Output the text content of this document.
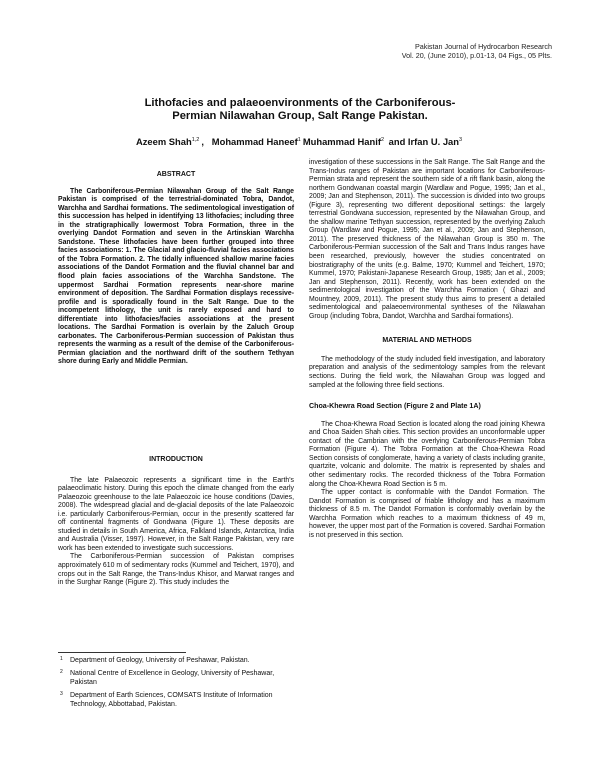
Pakistan Journal of Hydrocarbon Research
Vol. 20, (June 2010), p.01-13, 04 Figs., 05 Plts.
Lithofacies and palaeoenvironments of the Carboniferous-
Permian Nilawahan Group, Salt Range Pakistan.
Azeem Shah$^{1,2}$ , Mohammad Haneef$^1$ Muhammad Hanif$^2$ and Irfan U. Jan$^3$
ABSTRACT

The Carboniferous-Permian Nilawahan Group of the Salt Range Pakistan is comprised of the terrestrial-dominated Tobra, Dandot, Warchha and Sardhai formations. The sedimentological investigation of this succession has helped in identifying 13 lithofacies; including three in the stratigraphically lowermost Tobra Formation, three in the overlying Dandot Formation and seven in the Artinskian Warchha Sandstone. These lithofacies have been further grouped into three facies associations: 1. The Glacial and glacio-fluvial facies associations of the Tobra Formation. 2. The tidally influenced shallow marine facies associations of the Dandot Formation and the fluvial channel bar and flood plain facies associations of the Warchha Sandstone. The uppermost Sardhai Formation represents near-shore marine environment of deposition. The Sardhai Formation displays recessive- profile and is sporadically found in the Salt Range. Due to the incompetent lithology, the unit is rarely exposed and hard to differentiate into lithofacies/facies associations at the present locations. The Sardhai Formation is overlain by the Zaluch Group carbonates. The Carboniferous-Permian succession of Pakistan thus represents the warming as a result of the demise of the Carboniferous-Permian glaciation and the northward drift of the southern Tethyan shore during Early and Middle Permian.

INTRODUCTION

The late Palaeozoic represents a significant time in the Earth's palaeoclimatic history. During this epoch the climate changed from the early Palaeozoic greenhouse to the late Palaeozoic ice house conditions (Davies, 2008). The widespread glacial and de-glacial deposits of the late Palaeozoic i.e. particularly Carboniferous-Permian, occur in the presently scattered far off continental fragments of Gondwana (Figure 1). These deposits are studied in details in South America, Africa, Falkland Islands, Antarctica, India and Australia (Visser, 1997). However, in the Salt Range Pakistan, very rare work has been extended to investigate such successions.

The Carboniferous-Permian succession of Pakistan comprises approximately 610 m of sedimentary rocks (Kummel and Teichert, 1970), and crops out in the Salt Range, the Trans-Indus Khisor, and Marwat ranges and in the Surghar Range (Figure 2). This study includes the

investigation of these successions in the Salt Range. The Salt Range and the Trans-Indus ranges of Pakistan are important locations for Carboniferous-Permian strata and represent the southern side of a rift flank basin, along the northern Gondwanan coastal margin (Wardlaw and Pogue, 1995; Jan et al., 2009; Jan and Stephenson, 2011). The succession is divided into two groups (Figure 3), representing two different depositional settings: the largely terrestrial Gondwana succession, represented by the Nilawahan Group, and the shallow marine Tethyan succession, represented by the overlying Zaluch Group (Wardlaw and Pogue, 1995; Jan et al., 2009; Jan and Stephenson, 2011). The preserved thickness of the Nilawahan Group is 350 m. The Carboniferous-Permian succession of the Salt and Trans Indus ranges have been researched, previously, however the studies concentrated on biostratigraphy of the units (e.g. Balme, 1970; Kummel and Teichert, 1970; Kummel, 1970; Pakistani-Japanese Research Group, 1985; Jan et al., 2009; Jan and Stephenson, 2011). Recently, work has been extended on the sedimentological investigation of the Warchha Formation ( Ghazi and Mountney, 2009, 2011). The present study thus aims to present a detailed sedimentological and palaeoenvironmental syntheses of the Nilawahan Group (including Tobra, Dandot, Warchha and Sardhai formations).

MATERIAL AND METHODS

The methodology of the study included field investigation, and laboratory preparation and analysis of the sedimentology samples from the relevant sections. During the field work, the Nilawahan Group was logged and sampled at the following three field sections.

Choa-Khewra Road Section (Figure 2 and Plate 1A)

The Choa-Khewra Road Section is located along the road joining Khewra and Choa Saiden Shah cities. This section provides an unconformable upper contact of the Cambrian with the overlying Carboniferous-Permian Tobra Formation (Figure 4). The Tobra Formation at the Choa-Khewra Road Section consists of conglomerate, having a variety of clasts including granite, quartzite, volcanic and dolomite. The matrix is represented by shales and other sedimentary rocks. The recorded thickness of the Tobra Formation along the Choa-Khewra Road Section is 5 m.

The upper contact is conformable with the Dandot Formation. The Dandot Formation is comprised of friable lithology and has a maximum thickness of 8.5 m. The Dandot Formation is conformably overlain by the Warchha Formation which reaches to a maximum thickness of 49 m, however, the upper most part of the Formation is covered. Sardhai Formation is not preserved in this section.

1	Department of Geology, University of Peshawar, Pakistan.
2	National Centre of Excellence in Geology, University of Peshawar, Pakistan
3	Department of Earth Sciences, COMSATS Institute of Information Technology, Abbottabad, Pakistan.
